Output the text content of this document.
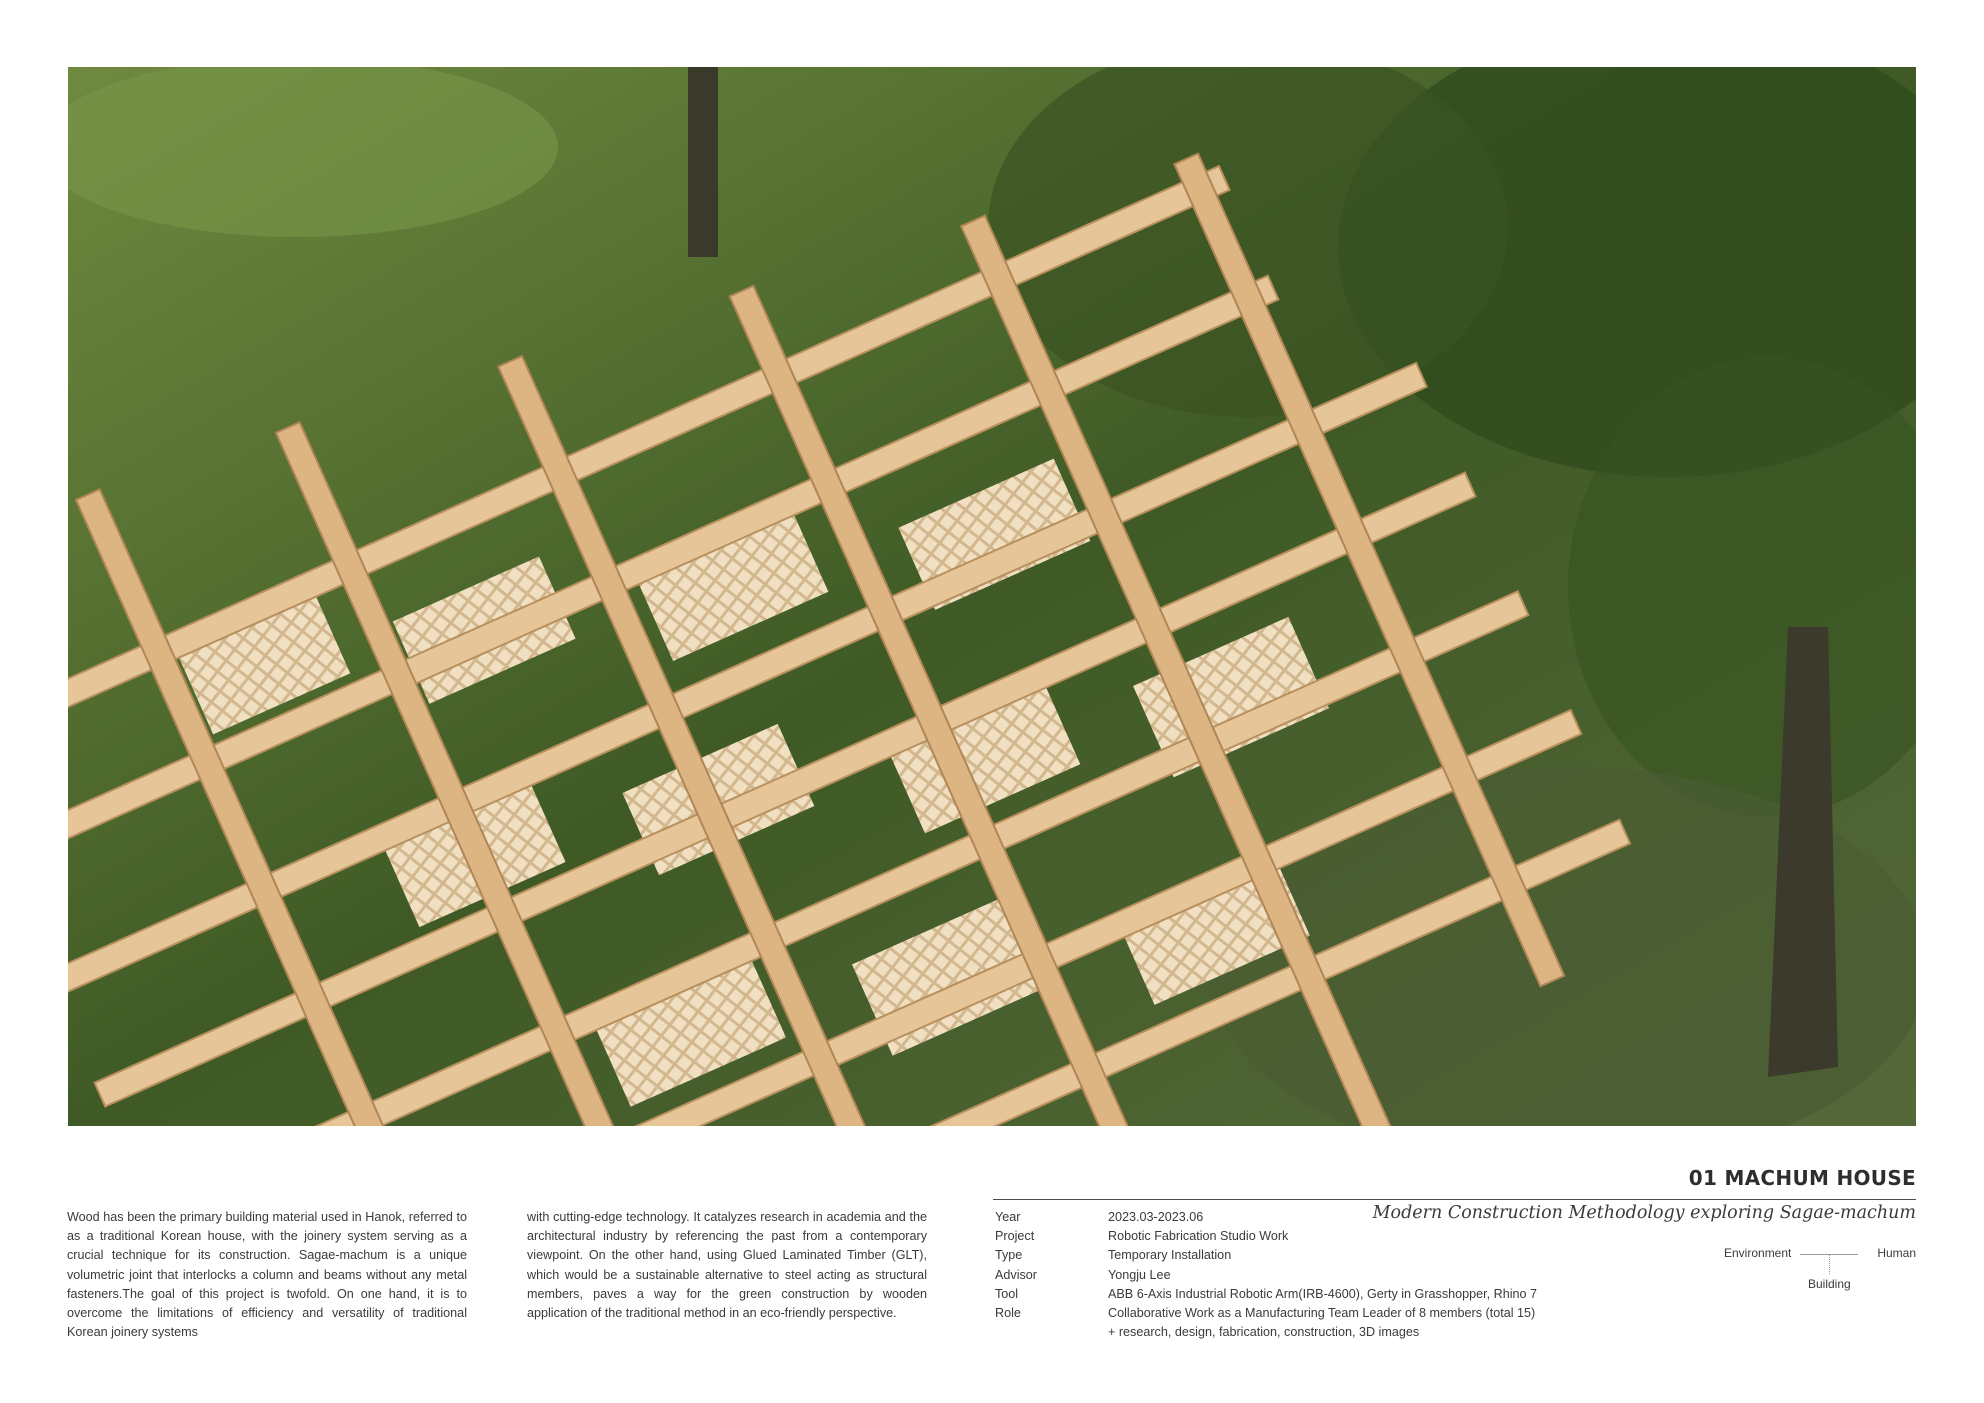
Wood has been the primary building material used in Hanok, referred to as a traditional Korean house, with the joinery system serving as a crucial technique for its construction. Sagae-machum is a unique volumetric joint that interlocks a column and beams without any metal fasteners.The goal of this project is twofold. On one hand, it is to overcome the limitations of efficiency and versatility of traditional Korean joinery systems
with cutting-edge technology. It catalyzes research in academia and the architectural industry by referencing the past from a contemporary viewpoint. On the other hand, using Glued Laminated Timber (GLT), which would be a sustainable alternative to steel acting as structural members, paves a way for the green construction by wooden application of the traditional method in an eco-friendly perspective.
01 MACHUM HOUSE
Modern Construction Methodology exploring Sagae-machum
Year	2023.03-2023.06
Project	Robotic Fabrication Studio Work
Type	Temporary Installation
Advisor	Yongju Lee
Tool	ABB 6-Axis Industrial Robotic Arm(IRB-4600), Gerty in Grasshopper, Rhino 7
Role	Collaborative Work as a Manufacturing Team Leader of 8 members (total 15)
+ research, design, fabrication, construction, 3D images
Environment	Human
Building
